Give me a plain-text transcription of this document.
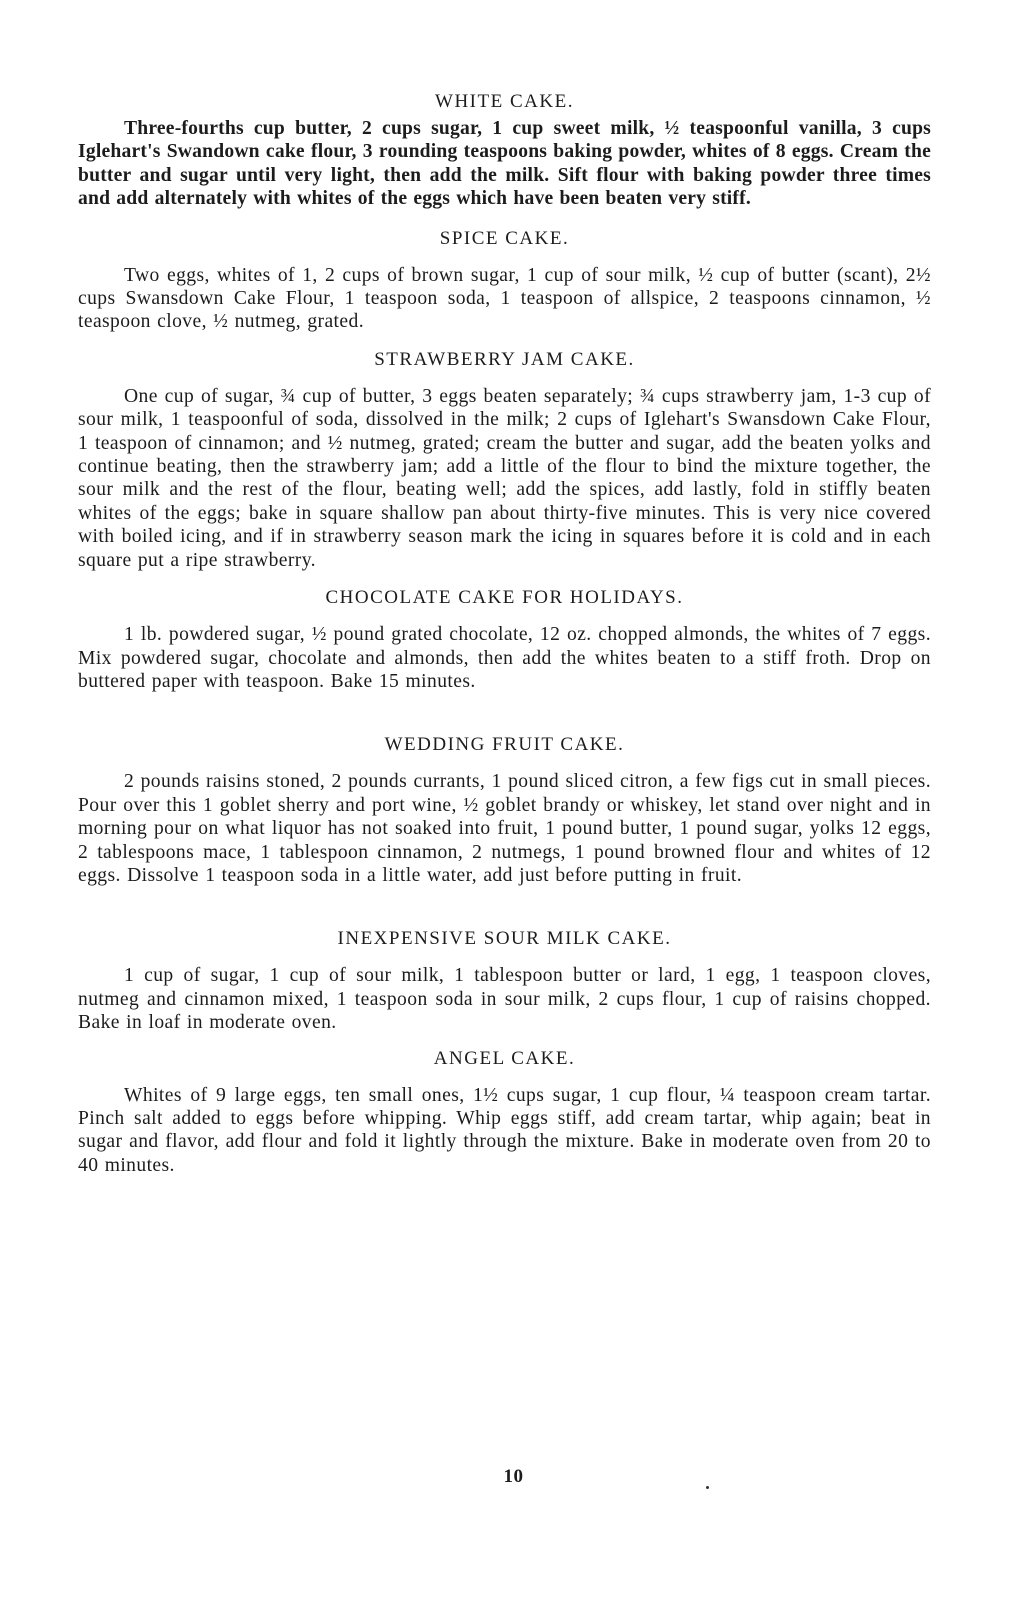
WHITE CAKE.

Three-fourths cup butter, 2 cups sugar, 1 cup sweet milk, ½ teaspoonful vanilla, 3 cups Iglehart's Swandown cake flour, 3 rounding teaspoons baking powder, whites of 8 eggs. Cream the butter and sugar until very light, then add the milk. Sift flour with baking powder three times and add alternately with whites of the eggs which have been beaten very stiff.

SPICE CAKE.

Two eggs, whites of 1, 2 cups of brown sugar, 1 cup of sour milk, ½ cup of butter (scant), 2½ cups Swansdown Cake Flour, 1 teaspoon soda, 1 teaspoon of allspice, 2 teaspoons cinnamon, ½ teaspoon clove, ½ nutmeg, grated.

STRAWBERRY JAM CAKE.

One cup of sugar, ¾ cup of butter, 3 eggs beaten separately; ¾ cups strawberry jam, 1-3 cup of sour milk, 1 teaspoonful of soda, dissolved in the milk; 2 cups of Iglehart's Swansdown Cake Flour, 1 teaspoon of cinnamon; and ½ nutmeg, grated; cream the butter and sugar, add the beaten yolks and continue beating, then the strawberry jam; add a little of the flour to bind the mixture together, the sour milk and the rest of the flour, beating well; add the spices, add lastly, fold in stiffly beaten whites of the eggs; bake in square shallow pan about thirty-five minutes. This is very nice covered with boiled icing, and if in strawberry season mark the icing in squares before it is cold and in each square put a ripe strawberry.

CHOCOLATE CAKE FOR HOLIDAYS.

1 lb. powdered sugar, ½ pound grated chocolate, 12 oz. chopped almonds, the whites of 7 eggs. Mix powdered sugar, chocolate and almonds, then add the whites beaten to a stiff froth. Drop on buttered paper with teaspoon. Bake 15 minutes.

WEDDING FRUIT CAKE.

2 pounds raisins stoned, 2 pounds currants, 1 pound sliced citron, a few figs cut in small pieces. Pour over this 1 goblet sherry and port wine, ½ goblet brandy or whiskey, let stand over night and in morning pour on what liquor has not soaked into fruit, 1 pound butter, 1 pound sugar, yolks 12 eggs, 2 tablespoons mace, 1 tablespoon cinnamon, 2 nutmegs, 1 pound browned flour and whites of 12 eggs. Dissolve 1 teaspoon soda in a little water, add just before putting in fruit.

INEXPENSIVE SOUR MILK CAKE.

1 cup of sugar, 1 cup of sour milk, 1 tablespoon butter or lard, 1 egg, 1 teaspoon cloves, nutmeg and cinnamon mixed, 1 teaspoon soda in sour milk, 2 cups flour, 1 cup of raisins chopped. Bake in loaf in moderate oven.

ANGEL CAKE.

Whites of 9 large eggs, ten small ones, 1½ cups sugar, 1 cup flour, ¼ teaspoon cream tartar. Pinch salt added to eggs before whipping. Whip eggs stiff, add cream tartar, whip again; beat in sugar and flavor, add flour and fold it lightly through the mixture. Bake in moderate oven from 20 to 40 minutes.

10
